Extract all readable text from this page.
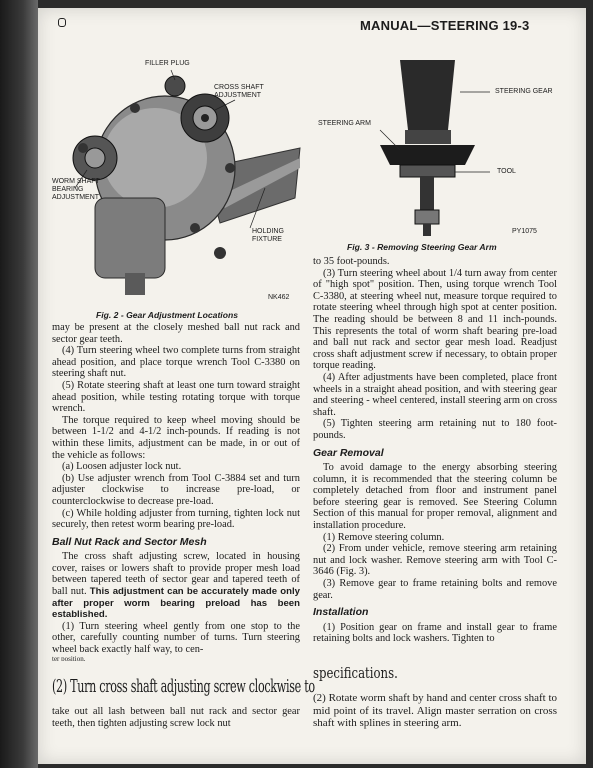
MANUAL—STEERING 19-3
FILLER PLUG
CROSS SHAFT
ADJUSTMENT
WORM SHAFT
BEARING
ADJUSTMENT
HOLDING
FIXTURE
NK462
Fig. 2 - Gear Adjustment Locations
STEERING GEAR
STEERING ARM
TOOL
PY1075
Fig. 3 - Removing Steering Gear Arm

may be present at the closely meshed ball nut rack and sector gear teeth.

(4) Turn steering wheel two complete turns from straight ahead position, and place torque wrench Tool C-3380 on steering shaft nut.

(5) Rotate steering shaft at least one turn toward straight ahead position, while testing rotating torque with torque wrench.

The torque required to keep wheel moving should be between 1-1/2 and 4-1/2 inch-pounds. If reading is not within these limits, adjustment can be made, in or out of the vehicle as follows:

(a) Loosen adjuster lock nut.

(b) Use adjuster wrench from Tool C-3884 set and turn adjuster clockwise to increase pre-load, or counterclockwise to decrease pre-load.

(c) While holding adjuster from turning, tighten lock nut securely, then retest worm bearing pre-load.

Ball Nut Rack and Sector Mesh

The cross shaft adjusting screw, located in housing cover, raises or lowers shaft to provide proper mesh load between tapered teeth of sector gear and tapered teeth of ball nut. This adjustment can be accurately made only after proper worm bearing preload has been established.

(1) Turn steering wheel gently from one stop to the other, carefully counting number of turns. Turn steering wheel back exactly half way, to cen-

ter position.

(2) Turn cross shaft adjusting screw clockwise to
take out all lash between ball nut rack and sector gear teeth, then tighten adjusting screw lock nut

to 35 foot-pounds.

(3) Turn steering wheel about 1/4 turn away from center of "high spot" position. Then, using torque wrench Tool C-3380, at steering wheel nut, measure torque required to rotate steering wheel through high spot at center position. The reading should be between 8 and 11 inch-pounds. This represents the total of worm shaft bearing pre-load and ball nut rack and sector gear mesh load. Readjust cross shaft adjustment screw if necessary, to obtain proper torque reading.

(4) After adjustments have been completed, place front wheels in a straight ahead position, and with steering gear and steering - wheel centered, install steering arm on cross shaft.

(5) Tighten steering arm retaining nut to 180 foot-pounds.

Gear Removal

To avoid damage to the energy absorbing steering column, it is recommended that the steering column be completely detached from floor and instrument panel before steering gear is removed. See Steering Column Section of this manual for proper removal, alignment and installation procedure.

(1) Remove steering column.

(2) From under vehicle, remove steering arm retaining nut and lock washer. Remove steering arm with Tool C-3646 (Fig. 3).

(3) Remove gear to frame retaining bolts and remove gear.

Installation

(1) Position gear on frame and install gear to frame retaining bolts and lock washers. Tighten to

specifications.
(2) Rotate worm shaft by hand and center cross shaft to mid point of its travel. Align master serration on cross shaft with splines in steering arm.
